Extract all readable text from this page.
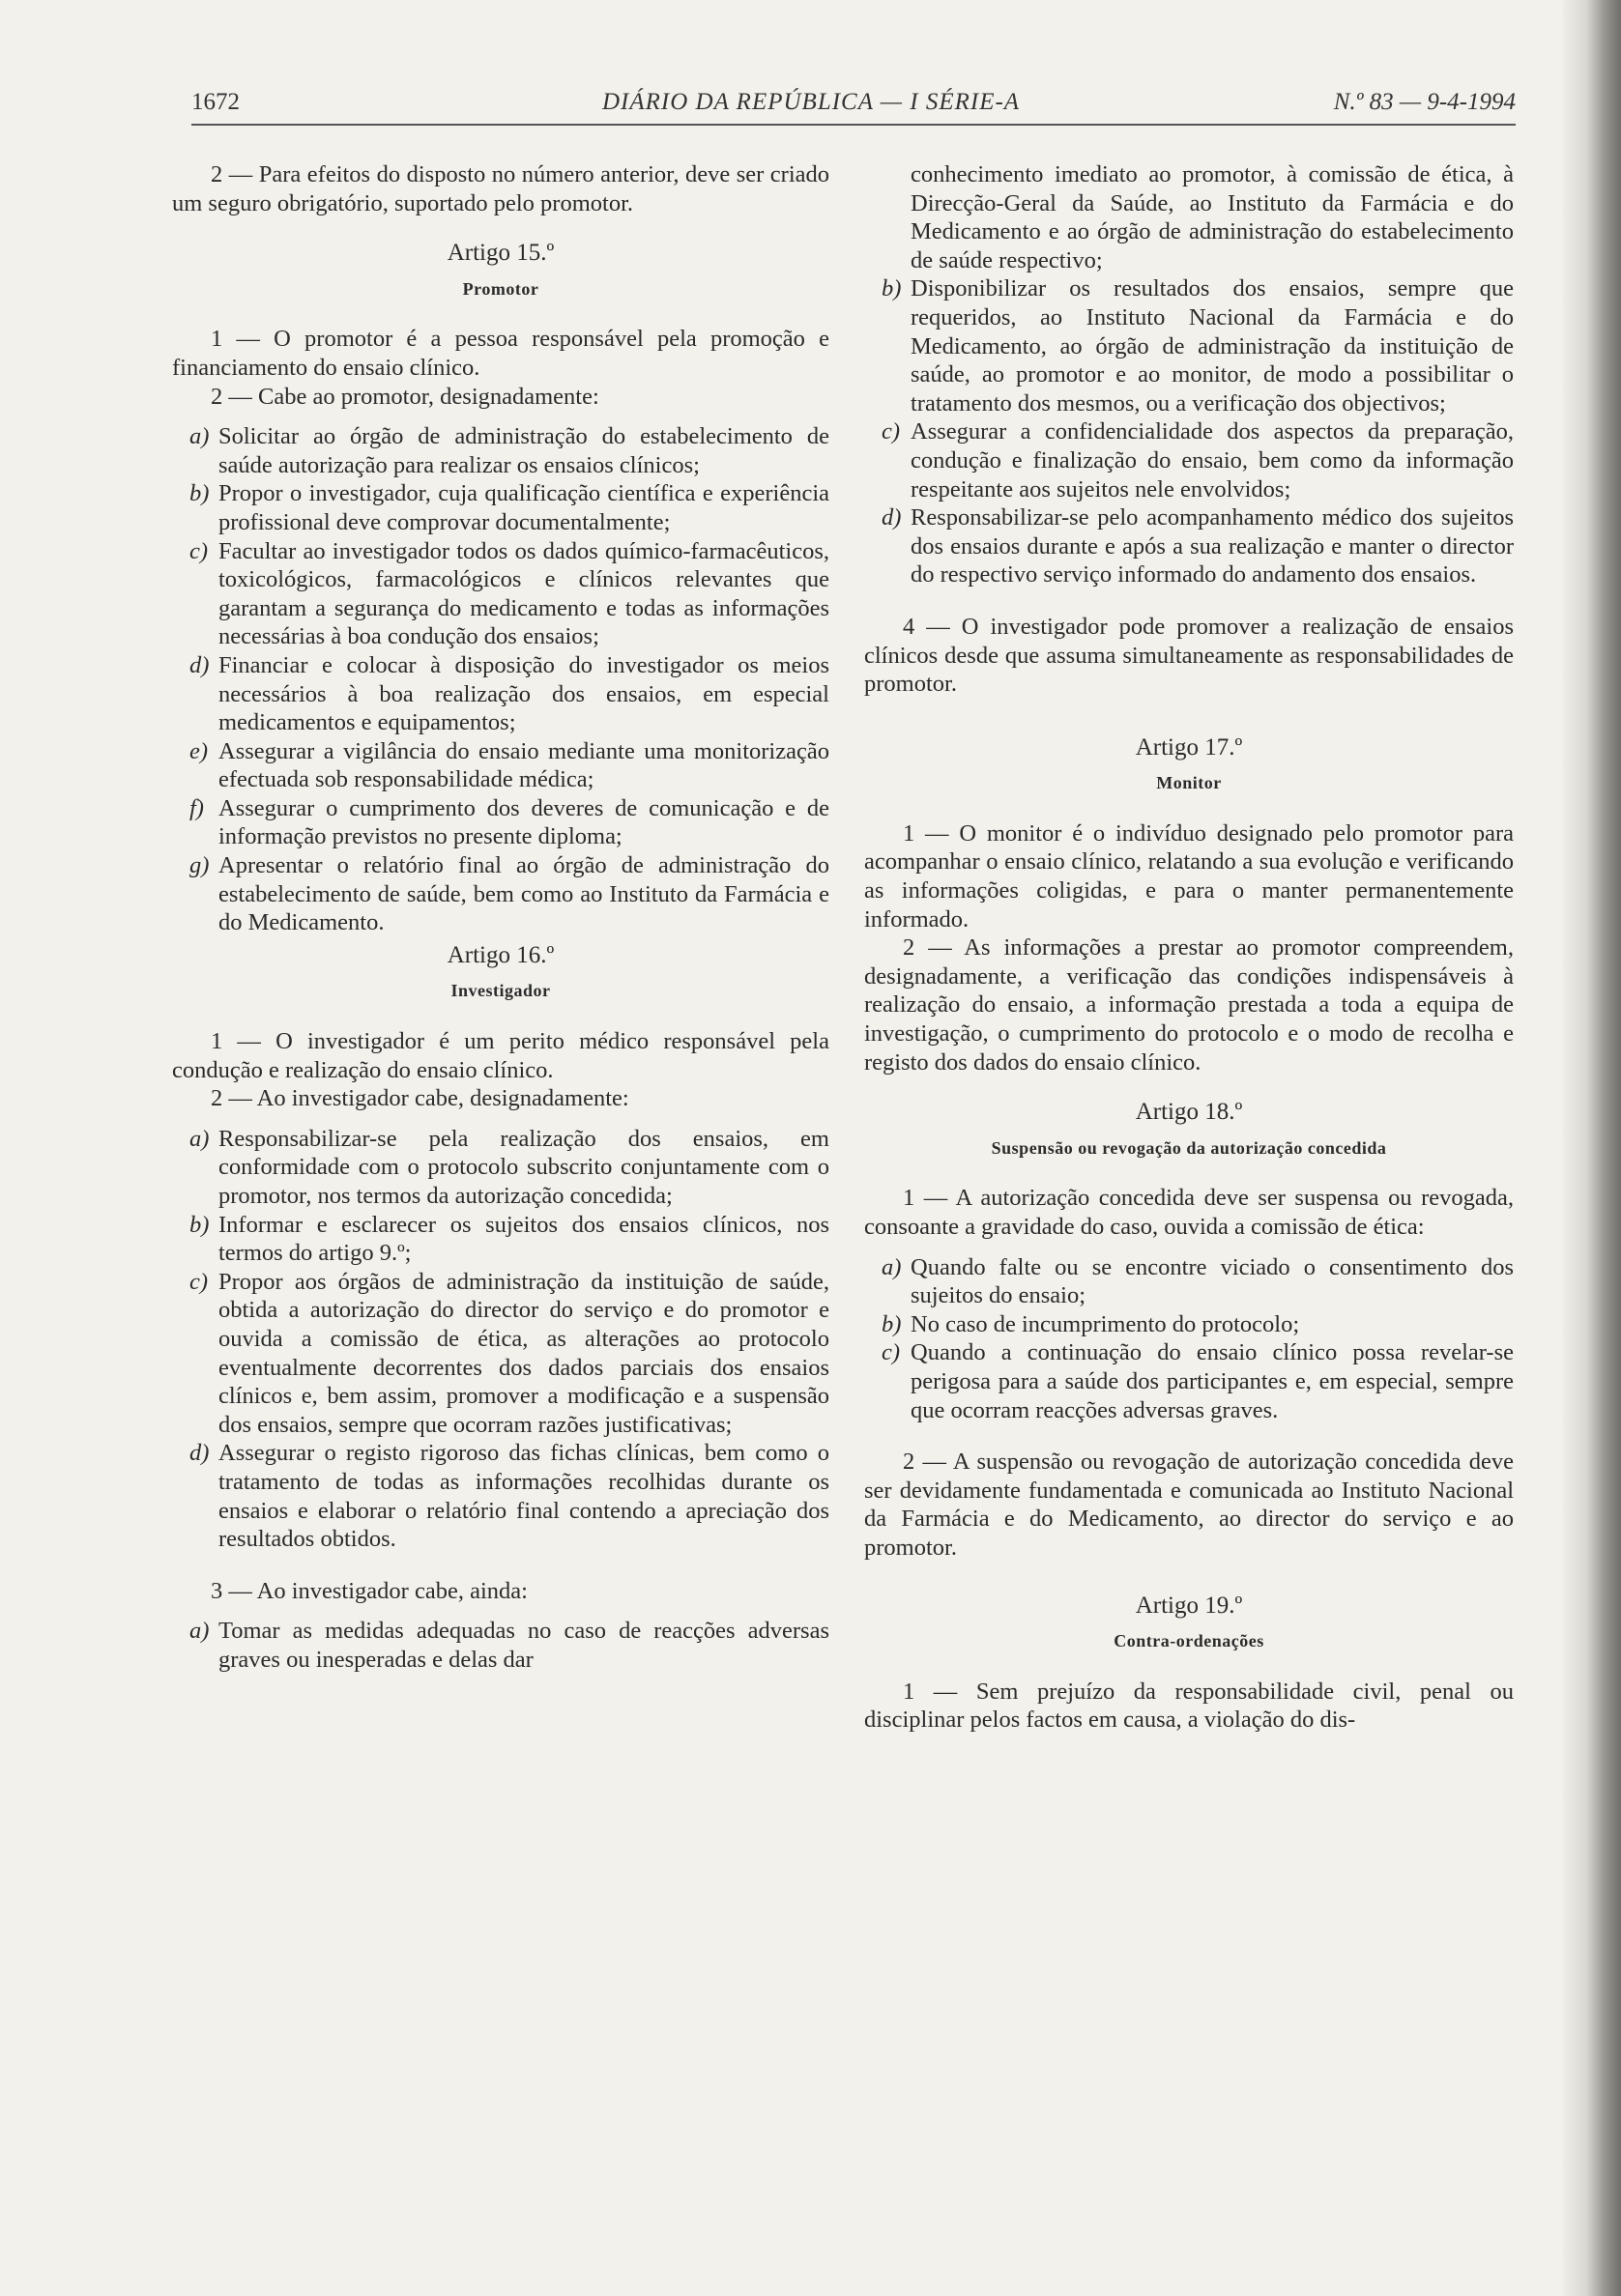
1672	DIÁRIO DA REPÚBLICA — I SÉRIE-A	N.º 83 — 9-4-1994

2 — Para efeitos do disposto no número anterior, deve ser criado um seguro obrigatório, suportado pelo promotor.

Artigo 15.º
Promotor

1 — O promotor é a pessoa responsável pela promoção e financiamento do ensaio clínico.

2 — Cabe ao promotor, designadamente:

a) Solicitar ao órgão de administração do estabelecimento de saúde autorização para realizar os ensaios clínicos;
b) Propor o investigador, cuja qualificação científica e experiência profissional deve comprovar documentalmente;
c) Facultar ao investigador todos os dados químico-farmacêuticos, toxicológicos, farmacológicos e clínicos relevantes que garantam a segurança do medicamento e todas as informações necessárias à boa condução dos ensaios;
d) Financiar e colocar à disposição do investigador os meios necessários à boa realização dos ensaios, em especial medicamentos e equipamentos;
e) Assegurar a vigilância do ensaio mediante uma monitorização efectuada sob responsabilidade médica;
f) Assegurar o cumprimento dos deveres de comunicação e de informação previstos no presente diploma;
g) Apresentar o relatório final ao órgão de administração do estabelecimento de saúde, bem como ao Instituto da Farmácia e do Medicamento.
Artigo 16.º
Investigador

1 — O investigador é um perito médico responsável pela condução e realização do ensaio clínico.

2 — Ao investigador cabe, designadamente:

a) Responsabilizar-se pela realização dos ensaios, em conformidade com o protocolo subscrito conjuntamente com o promotor, nos termos da autorização concedida;
b) Informar e esclarecer os sujeitos dos ensaios clínicos, nos termos do artigo 9.º;
c) Propor aos órgãos de administração da instituição de saúde, obtida a autorização do director do serviço e do promotor e ouvida a comissão de ética, as alterações ao protocolo eventualmente decorrentes dos dados parciais dos ensaios clínicos e, bem assim, promover a modificação e a suspensão dos ensaios, sempre que ocorram razões justificativas;
d) Assegurar o registo rigoroso das fichas clínicas, bem como o tratamento de todas as informações recolhidas durante os ensaios e elaborar o relatório final contendo a apreciação dos resultados obtidos.

3 — Ao investigador cabe, ainda:

a) Tomar as medidas adequadas no caso de reacções adversas graves ou inesperadas e delas dar
conhecimento imediato ao promotor, à comissão de ética, à Direcção-Geral da Saúde, ao Instituto da Farmácia e do Medicamento e ao órgão de administração do estabelecimento de saúde respectivo;
b) Disponibilizar os resultados dos ensaios, sempre que requeridos, ao Instituto Nacional da Farmácia e do Medicamento, ao órgão de administração da instituição de saúde, ao promotor e ao monitor, de modo a possibilitar o tratamento dos mesmos, ou a verificação dos objectivos;
c) Assegurar a confidencialidade dos aspectos da preparação, condução e finalização do ensaio, bem como da informação respeitante aos sujeitos nele envolvidos;
d) Responsabilizar-se pelo acompanhamento médico dos sujeitos dos ensaios durante e após a sua realização e manter o director do respectivo serviço informado do andamento dos ensaios.

4 — O investigador pode promover a realização de ensaios clínicos desde que assuma simultaneamente as responsabilidades de promotor.

Artigo 17.º
Monitor

1 — O monitor é o indivíduo designado pelo promotor para acompanhar o ensaio clínico, relatando a sua evolução e verificando as informações coligidas, e para o manter permanentemente informado.

2 — As informações a prestar ao promotor compreendem, designadamente, a verificação das condições indispensáveis à realização do ensaio, a informação prestada a toda a equipa de investigação, o cumprimento do protocolo e o modo de recolha e registo dos dados do ensaio clínico.

Artigo 18.º
Suspensão ou revogação da autorização concedida

1 — A autorização concedida deve ser suspensa ou revogada, consoante a gravidade do caso, ouvida a comissão de ética:

a) Quando falte ou se encontre viciado o consentimento dos sujeitos do ensaio;
b) No caso de incumprimento do protocolo;
c) Quando a continuação do ensaio clínico possa revelar-se perigosa para a saúde dos participantes e, em especial, sempre que ocorram reacções adversas graves.

2 — A suspensão ou revogação de autorização concedida deve ser devidamente fundamentada e comunicada ao Instituto Nacional da Farmácia e do Medicamento, ao director do serviço e ao promotor.

Artigo 19.º
Contra-ordenações

1 — Sem prejuízo da responsabilidade civil, penal ou disciplinar pelos factos em causa, a violação do dis-
